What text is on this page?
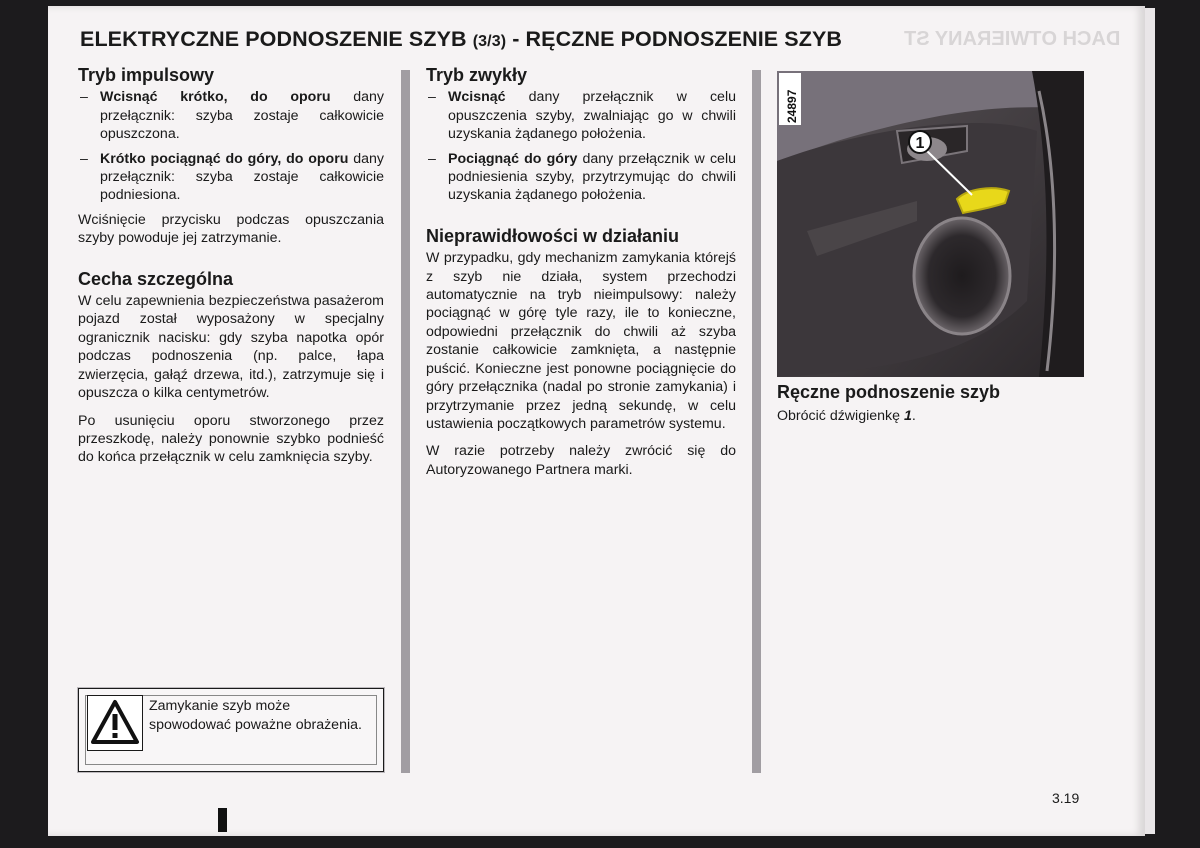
ELEKTRYCZNE PODNOSZENIE SZYB (3/3) - RĘCZNE PODNOSZENIE SZYB	DACH OTWIERANY ST
Tryb impulsowy
– Wcisnąć krótko, do oporu dany przełącznik: szyba zostaje całkowicie opuszczona.
– Krótko pociągnąć do góry, do oporu dany przełącznik: szyba zostaje całkowicie podniesiona.

Wciśnięcie przycisku podczas opuszczania szyby powoduje jej zatrzymanie.

Cecha szczególna

W celu zapewnienia bezpieczeństwa pasażerom pojazd został wyposażony w specjalny ogranicznik nacisku: gdy szyba napotka opór podczas podnoszenia (np. palce, łapa zwierzęcia, gałąź drzewa, itd.), zatrzymuje się i opuszcza o kilka centymetrów.

Po usunięciu oporu stworzonego przez przeszkodę, należy ponownie szybko podnieść do końca przełącznik w celu zamknięcia szyby.

Zamykanie szyb może spowodować poważne obrażenia.
Tryb zwykły
– Wcisnąć dany przełącznik w celu opuszczenia szyby, zwalniając go w chwili uzyskania żądanego położenia.
– Pociągnąć do góry dany przełącznik w celu podniesienia szyby, przytrzymując do chwili uzyskania żądanego położenia.
Nieprawidłowości w działaniu

W przypadku, gdy mechanizm zamykania którejś z szyb nie działa, system przechodzi automatycznie na tryb nieimpulsowy: należy pociągnąć w górę tyle razy, ile to konieczne, odpowiedni przełącznik do chwili aż szyba zostanie całkowicie zamknięta, a następnie puścić. Konieczne jest ponowne pociągnięcie do góry przełącznika (nadal po stronie zamykania) i przytrzymanie przez jedną sekundę, w celu ustawienia początkowych parametrów systemu.

W razie potrzeby należy zwrócić się do Autoryzowanego Partnera marki.

1
24897
Ręczne podnoszenie szyb

Obrócić dźwigienkę 1.

3.19
